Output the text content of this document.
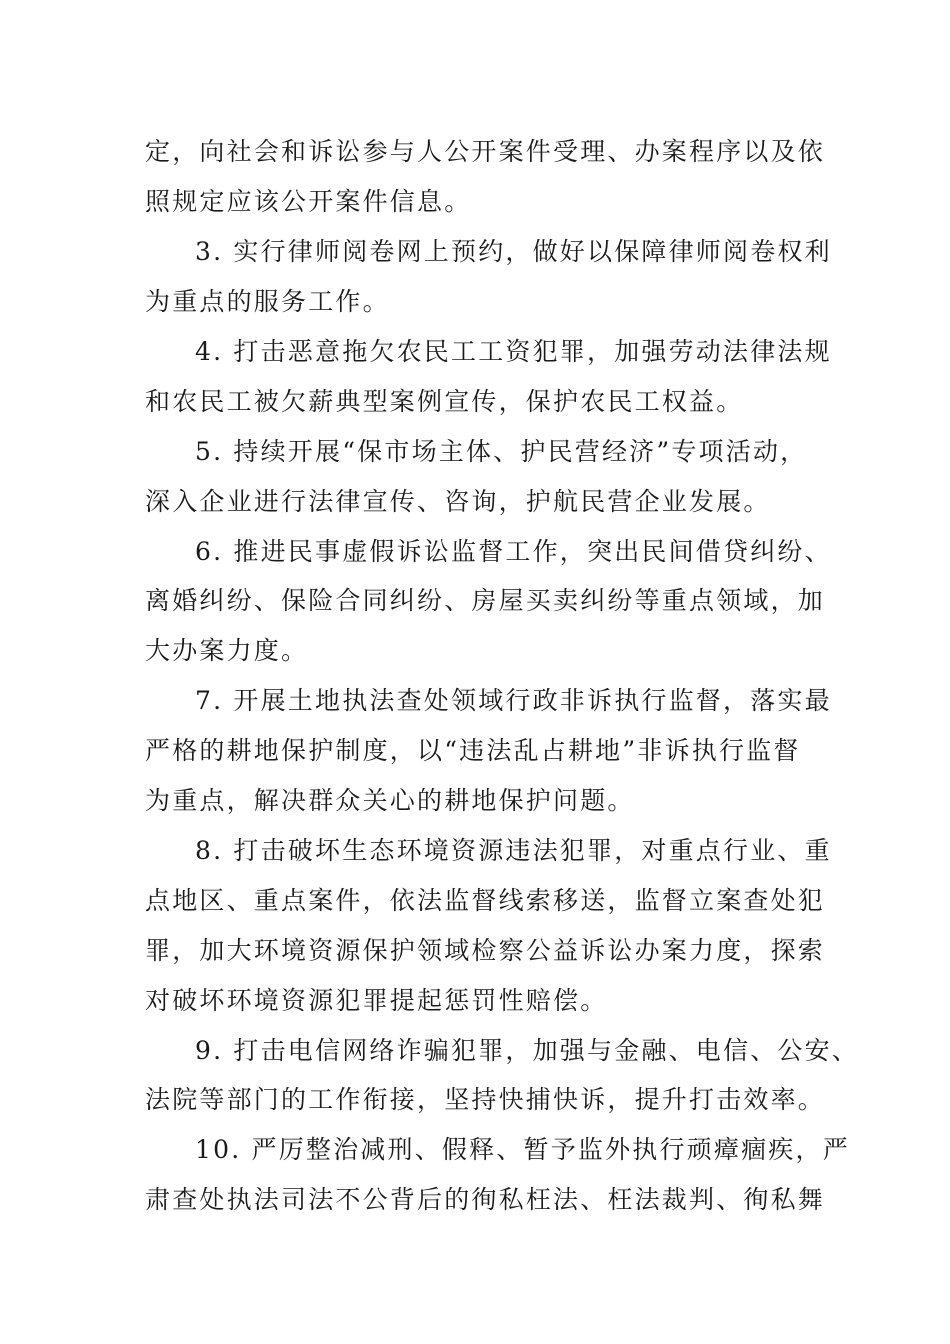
定，向社会和诉讼参与人公开案件受理、办案程序以及依
照规定应该公开案件信息。
3. 实行律师阅卷网上预约，做好以保障律师阅卷权利
为重点的服务工作。
4. 打击恶意拖欠农民工工资犯罪，加强劳动法律法规
和农民工被欠薪典型案例宣传，保护农民工权益。
5. 持续开展“保市场主体、护民营经济”专项活动，
深入企业进行法律宣传、咨询，护航民营企业发展。
6. 推进民事虚假诉讼监督工作，突出民间借贷纠纷、
离婚纠纷、保险合同纠纷、房屋买卖纠纷等重点领域，加
大办案力度。
7. 开展土地执法查处领域行政非诉执行监督，落实最
严格的耕地保护制度，以“违法乱占耕地”非诉执行监督
为重点，解决群众关心的耕地保护问题。
8. 打击破坏生态环境资源违法犯罪，对重点行业、重
点地区、重点案件，依法监督线索移送，监督立案查处犯
罪，加大环境资源保护领域检察公益诉讼办案力度，探索
对破坏环境资源犯罪提起惩罚性赔偿。
9. 打击电信网络诈骗犯罪，加强与金融、电信、公安、
法院等部门的工作衔接，坚持快捕快诉，提升打击效率。
10. 严厉整治减刑、假释、暂予监外执行顽瘴痼疾，严
肃查处执法司法不公背后的徇私枉法、枉法裁判、徇私舞
